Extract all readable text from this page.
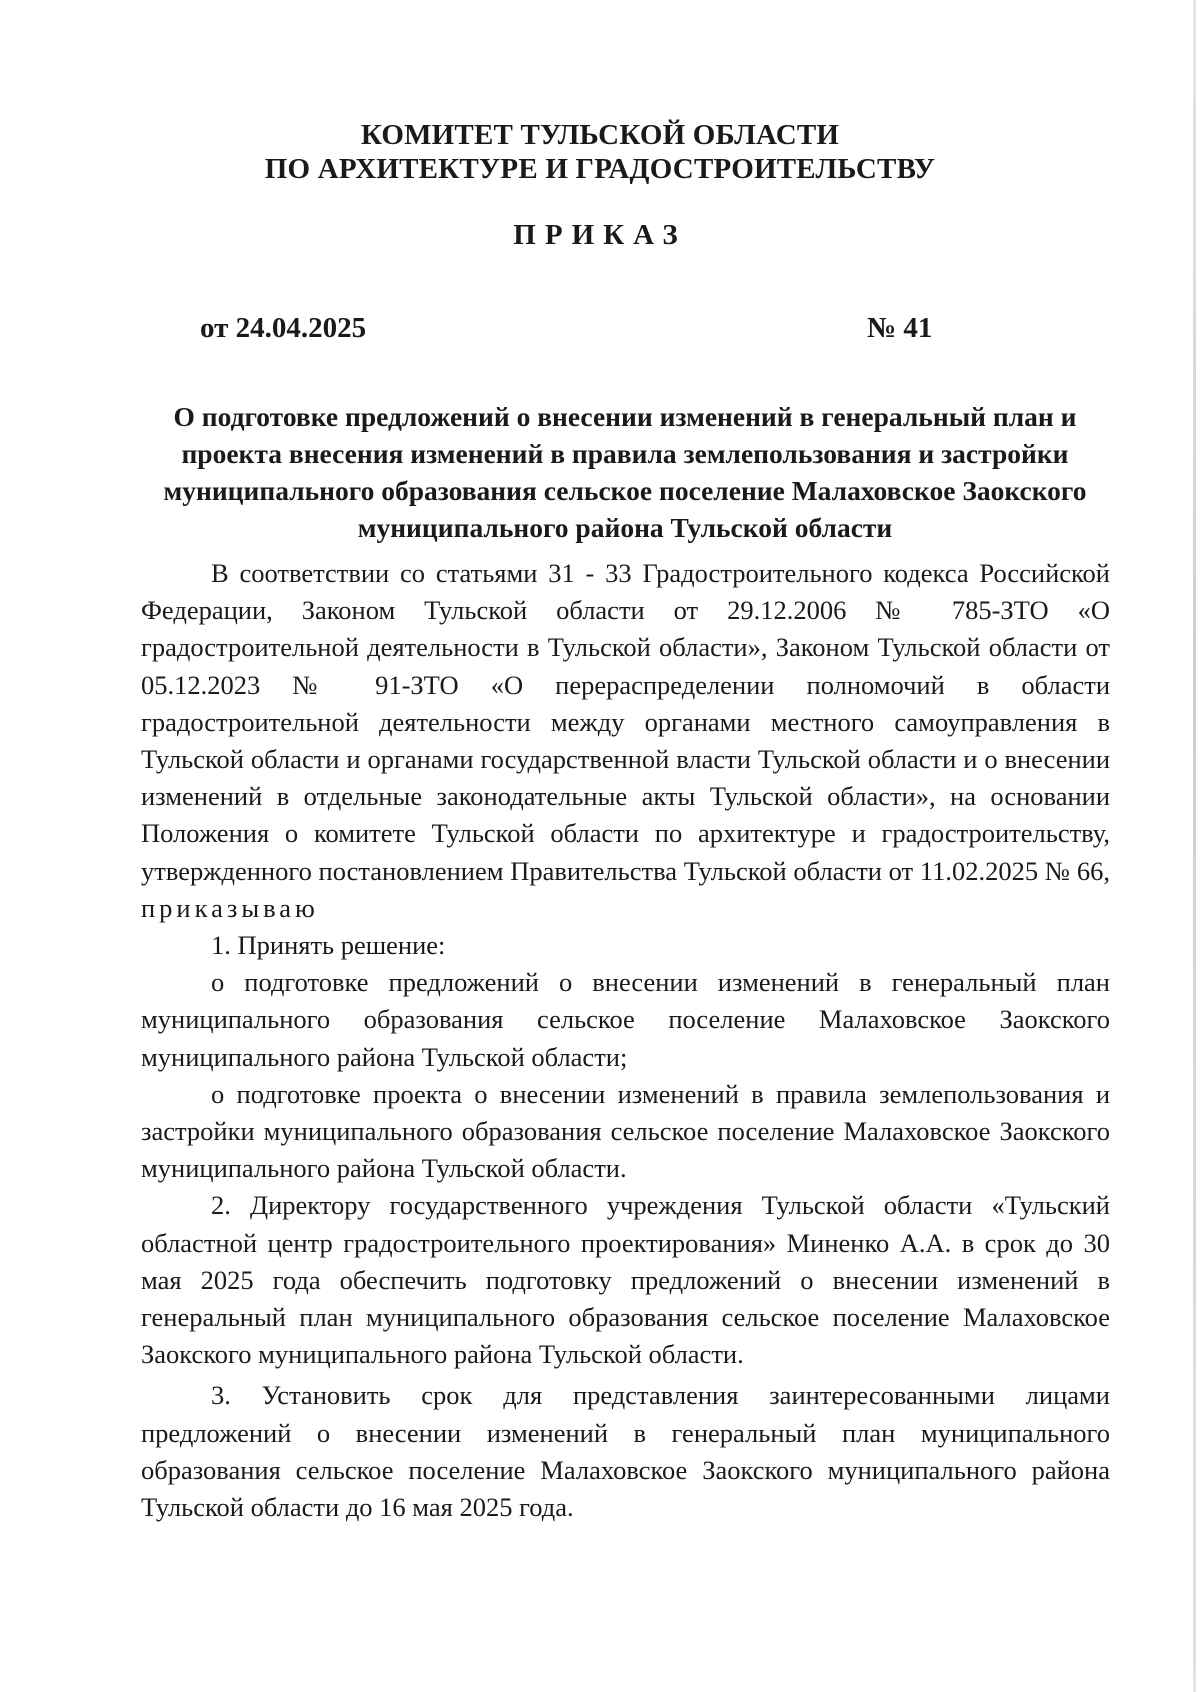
КОМИТЕТ ТУЛЬСКОЙ ОБЛАСТИ
ПО АРХИТЕКТУРЕ И ГРАДОСТРОИТЕЛЬСТВУ
ПРИКАЗ
от 24.04.2025	№ 41
О подготовке предложений о внесении изменений в генеральный план и
проекта внесения изменений в правила землепользования и застройки
муниципального образования сельское поселение Малаховское Заокского
муниципального района Тульской области

В соответствии со статьями 31 - 33 Градостроительного кодекса Российской Федерации, Законом Тульской области от 29.12.2006 № 785-ЗТО «О градостроительной деятельности в Тульской области», Законом Тульской области от 05.12.2023 № 91-ЗТО «О перераспределении полномочий в области градостроительной деятельности между органами местного самоуправления в Тульской области и органами государственной власти Тульской области и о внесении изменений в отдельные законодательные акты Тульской области», на основании Положения о комитете Тульской области по архитектуре и градостроительству, утвержденного постановлением Правительства Тульской области от 11.02.2025 № 66, приказываю

1. Принять решение:

о подготовке предложений о внесении изменений в генеральный план муниципального образования сельское поселение Малаховское Заокского муниципального района Тульской области;

о подготовке проекта о внесении изменений в правила землепользования и застройки муниципального образования сельское поселение Малаховское Заокского муниципального района Тульской области.

2. Директору государственного учреждения Тульской области «Тульский областной центр градостроительного проектирования» Миненко А.А. в срок до 30 мая 2025 года обеспечить подготовку предложений о внесении изменений в генеральный план муниципального образования сельское поселение Малаховское Заокского муниципального района Тульской области.

3. Установить срок для представления заинтересованными лицами предложений о внесении изменений в генеральный план муниципального образования сельское поселение Малаховское Заокского муниципального района Тульской области до 16 мая 2025 года.
